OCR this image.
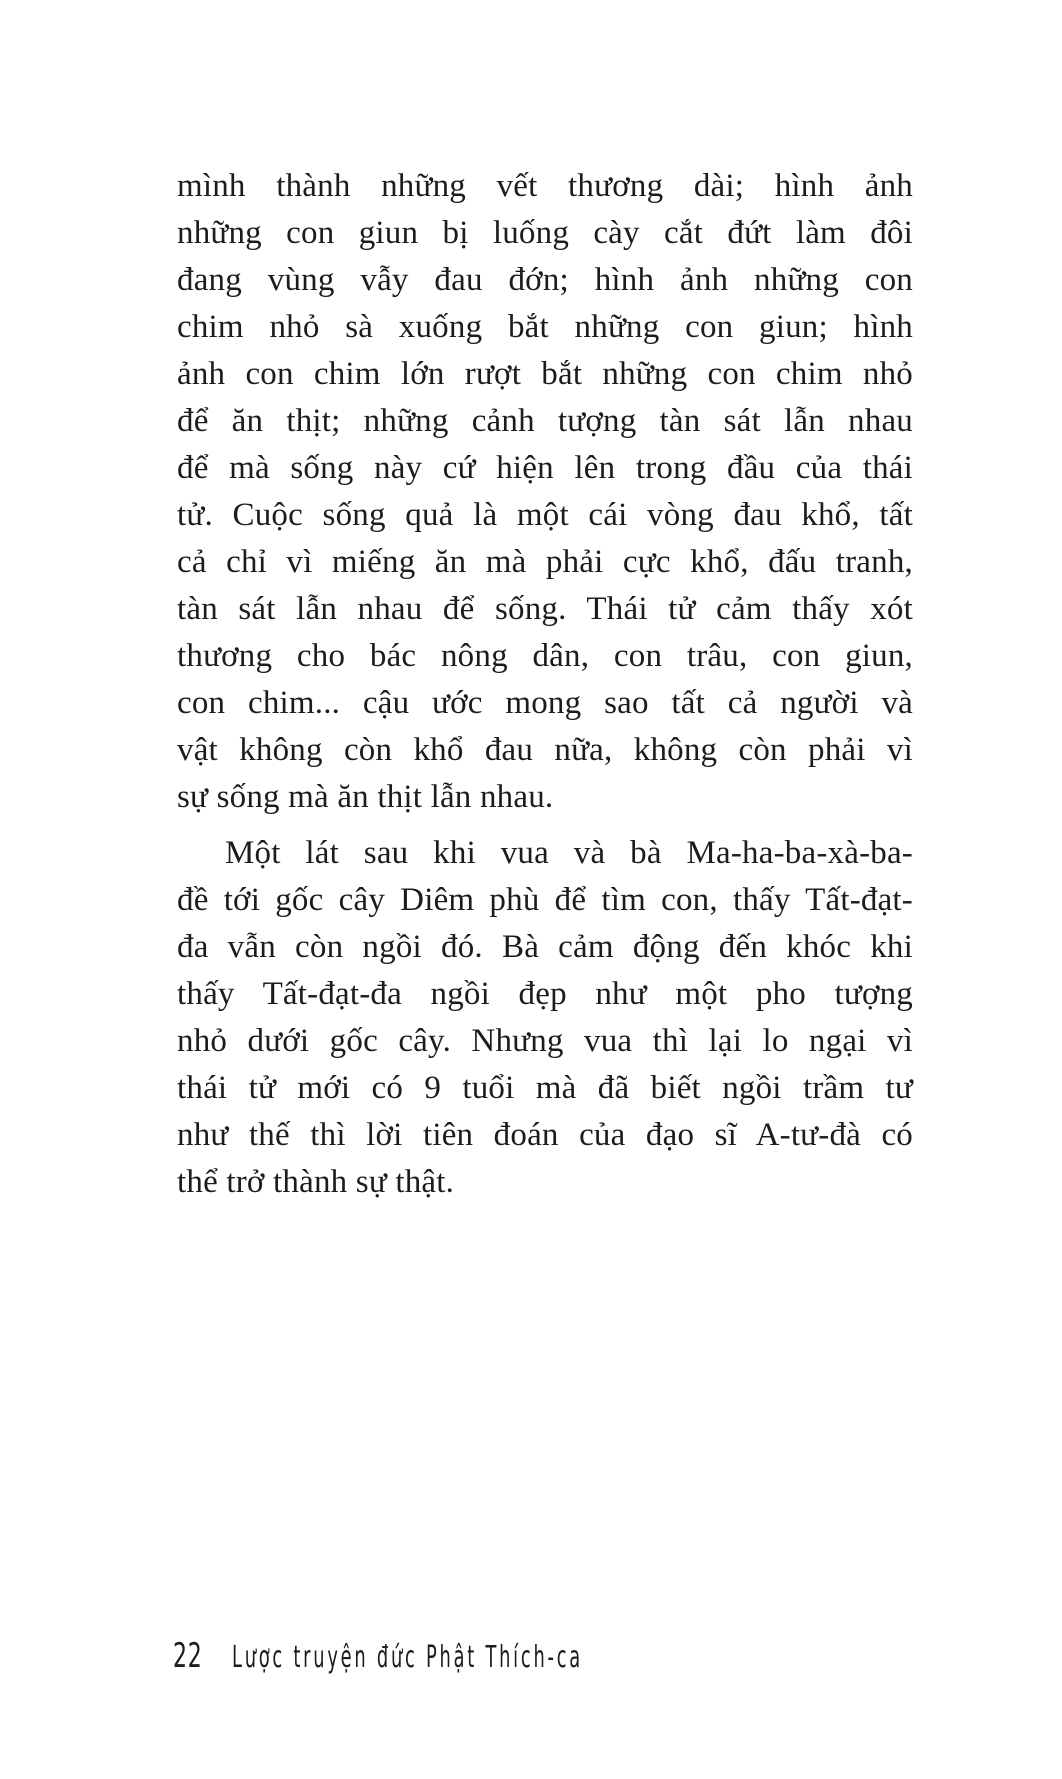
mình thành những vết thương dài; hình ảnh
những con giun bị luống cày cắt đứt làm đôi
đang vùng vẫy đau đớn; hình ảnh những con
chim nhỏ sà xuống bắt những con giun; hình
ảnh con chim lớn rượt bắt những con chim nhỏ
để ăn thịt; những cảnh tượng tàn sát lẫn nhau
để mà sống này cứ hiện lên trong đầu của thái
tử. Cuộc sống quả là một cái vòng đau khổ, tất
cả chỉ vì miếng ăn mà phải cực khổ, đấu tranh,
tàn sát lẫn nhau để sống. Thái tử cảm thấy xót
thương cho bác nông dân, con trâu, con giun,
con chim... cậu ước mong sao tất cả người và
vật không còn khổ đau nữa, không còn phải vì
sự sống mà ăn thịt lẫn nhau.

Một lát sau khi vua và bà Ma-ha-ba-xà-ba-
đề tới gốc cây Diêm phù để tìm con, thấy Tất-đạt-
đa vẫn còn ngồi đó. Bà cảm động đến khóc khi
thấy Tất-đạt-đa ngồi đẹp như một pho tượng
nhỏ dưới gốc cây. Nhưng vua thì lại lo ngại vì
thái tử mới có 9 tuổi mà đã biết ngồi trầm tư
như thế thì lời tiên đoán của đạo sĩ A-tư-đà có
thể trở thành sự thật.

22 Lược truyện đức Phật Thích-ca
